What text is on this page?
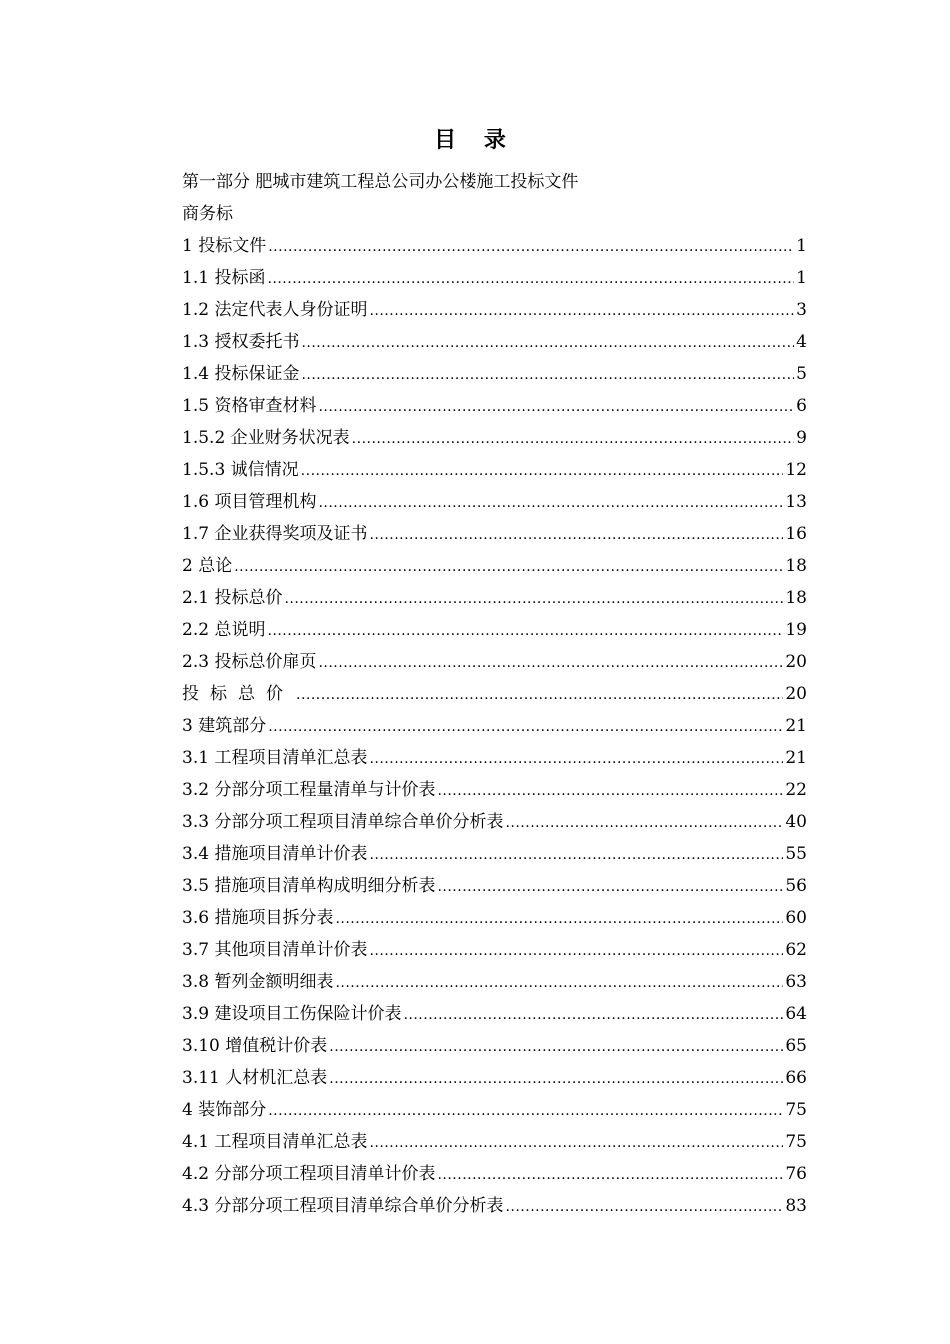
目 录
第一部分 肥城市建筑工程总公司办公楼施工投标文件
商务标
1 投标文件 .....	1
1.1 投标函 .....	1
1.2 法定代表人身份证明 .....	3
1.3 授权委托书 .....	4
1.4 投标保证金 .....	5
1.5 资格审查材料 .....	6
1.5.2 企业财务状况表 .....	9
1.5.3 诚信情况 .....	12
1.6 项目管理机构 .....	13
1.7 企业获得奖项及证书 .....	16
2 总论 .....	18
2.1 投标总价 .....	18
2.2 总说明 .....	19
2.3 投标总价扉页 .....	20
投标总价 .....	20
3 建筑部分 .....	21
3.1 工程项目清单汇总表 .....	21
3.2 分部分项工程量清单与计价表 .....	22
3.3 分部分项工程项目清单综合单价分析表 .....	40
3.4 措施项目清单计价表 .....	55
3.5 措施项目清单构成明细分析表 .....	56
3.6 措施项目拆分表 .....	60
3.7 其他项目清单计价表 .....	62
3.8 暂列金额明细表 .....	63
3.9 建设项目工伤保险计价表 .....	64
3.10 增值税计价表 .....	65
3.11 人材机汇总表 .....	66
4 装饰部分 .....	75
4.1 工程项目清单汇总表 .....	75
4.2 分部分项工程项目清单计价表 .....	76
4.3 分部分项工程项目清单综合单价分析表 .....	83
